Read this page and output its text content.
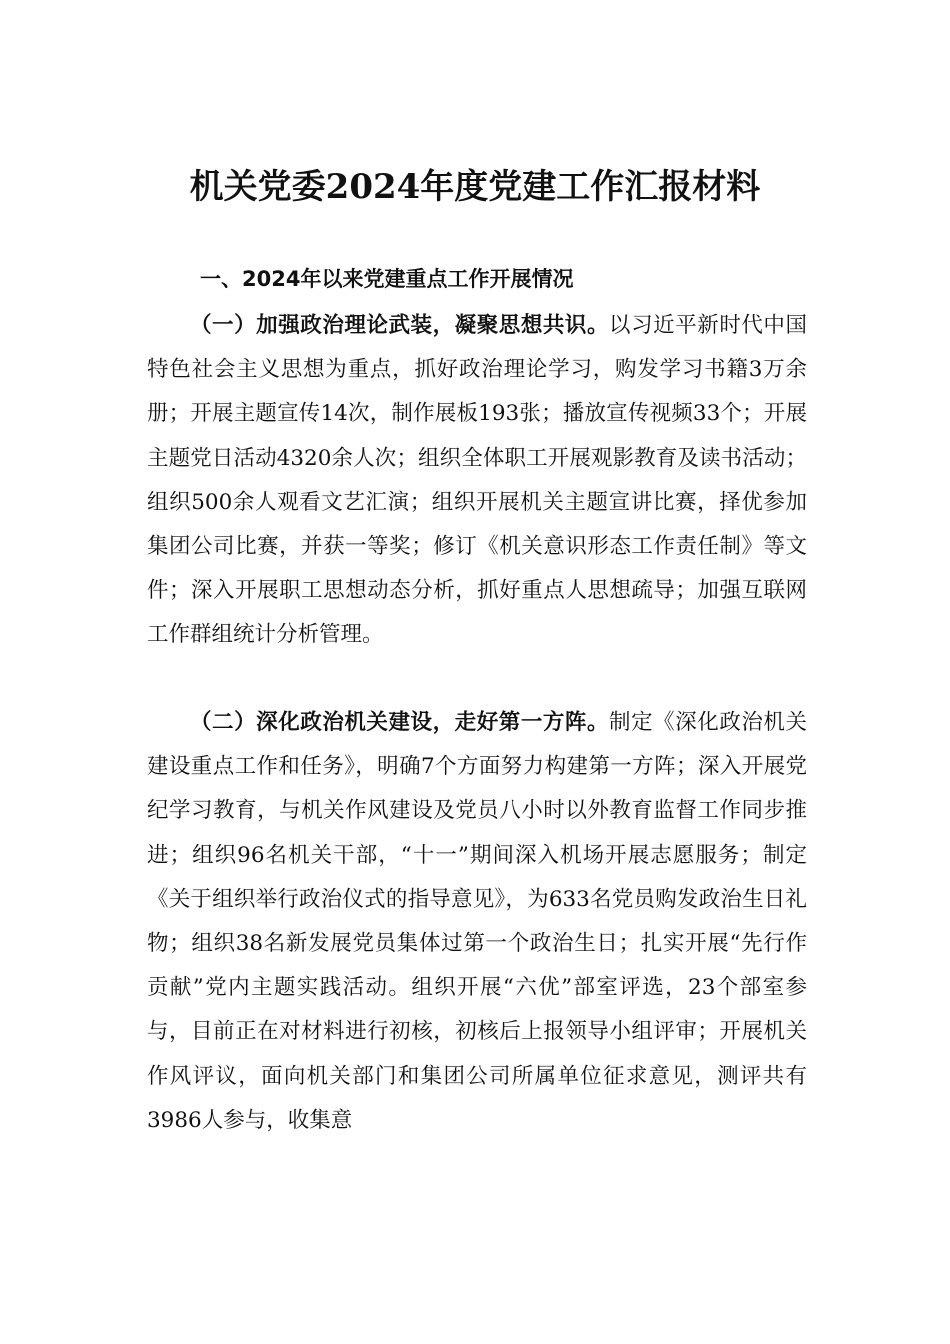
机关党委2024年度党建工作汇报材料
一、2024年以来党建重点工作开展情况

（一）加强政治理论武装，凝聚思想共识。以习近平新时代中国特色社会主义思想为重点，抓好政治理论学习，购发学习书籍3万余册；开展主题宣传14次，制作展板193张；播放宣传视频33个；开展主题党日活动4320余人次；组织全体职工开展观影教育及读书活动；组织500余人观看文艺汇演；组织开展机关主题宣讲比赛，择优参加集团公司比赛，并获一等奖；修订《机关意识形态工作责任制》等文件；深入开展职工思想动态分析，抓好重点人思想疏导；加强互联网工作群组统计分析管理。

（二）深化政治机关建设，走好第一方阵。制定《深化政治机关建设重点工作和任务》，明确7个方面努力构建第一方阵；深入开展党纪学习教育，与机关作风建设及党员八小时以外教育监督工作同步推进；组织96名机关干部，“十一”期间深入机场开展志愿服务；制定《关于组织举行政治仪式的指导意见》，为633名党员购发政治生日礼物；组织38名新发展党员集体过第一个政治生日；扎实开展“先行作贡献”党内主题实践活动。组织开展“六优”部室评选，23个部室参与，目前正在对材料进行初核，初核后上报领导小组评审；开展机关作风评议，面向机关部门和集团公司所属单位征求意见，测评共有3986人参与，收集意
